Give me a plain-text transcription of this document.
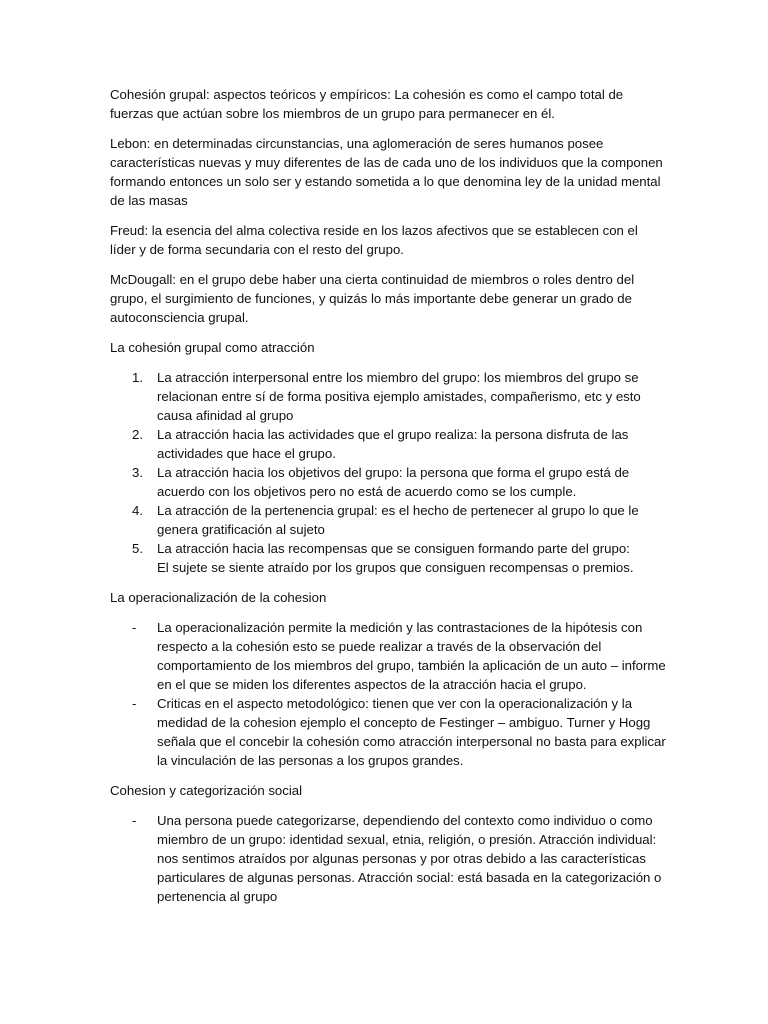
Cohesión grupal: aspectos teóricos y empíricos: La cohesión es como el campo total de fuerzas que actúan sobre los miembros de un grupo para permanecer en él.

Lebon: en determinadas circunstancias, una aglomeración de seres humanos posee características nuevas y muy diferentes de las de cada uno de los individuos que la componen formando entonces un solo ser y estando sometida a lo que denomina ley de la unidad mental de las masas

Freud: la esencia del alma colectiva reside en los lazos afectivos que se establecen con el líder y de forma secundaria con el resto del grupo.

McDougall: en el grupo debe haber una cierta continuidad de miembros o roles dentro del grupo, el surgimiento de funciones, y quizás lo más importante debe generar un grado de autoconsciencia grupal.

La cohesión grupal como atracción

1. La atracción interpersonal entre los miembro del grupo: los miembros del grupo se relacionan entre sí de forma positiva ejemplo amistades, compañerismo, etc y esto causa afinidad al grupo
2. La atracción hacia las actividades que el grupo realiza: la persona disfruta de las actividades que hace el grupo.
3. La atracción hacia los objetivos del grupo: la persona que forma el grupo está de acuerdo con los objetivos pero no está de acuerdo como se los cumple.
4. La atracción de la pertenencia grupal: es el hecho de pertenecer al grupo lo que le genera gratificación al sujeto
5. La atracción hacia las recompensas que se consiguen formando parte del grupo:
El sujete se siente atraído por los grupos que consiguen recompensas o premios.

La operacionalización de la cohesion

- La operacionalización permite la medición y las contrastaciones de la hipótesis con respecto a la cohesión esto se puede realizar a través de la observación del comportamiento de los miembros del grupo, también la aplicación de un auto – informe en el que se miden los diferentes aspectos de la atracción hacia el grupo.
- Criticas en el aspecto metodológico: tienen que ver con la operacionalización y la medidad de la cohesion ejemplo el concepto de Festinger – ambiguo. Turner y Hogg señala que el concebir la cohesión como atracción interpersonal no basta para explicar la vinculación de las personas a los grupos grandes.

Cohesion y categorización social

- Una persona puede categorizarse, dependiendo del contexto como individuo o como miembro de un grupo: identidad sexual, etnia, religión, o presión. Atracción individual: nos sentimos atraídos por algunas personas y por otras debido a las características particulares de algunas personas. Atracción social: está basada en la categorización o pertenencia al grupo
